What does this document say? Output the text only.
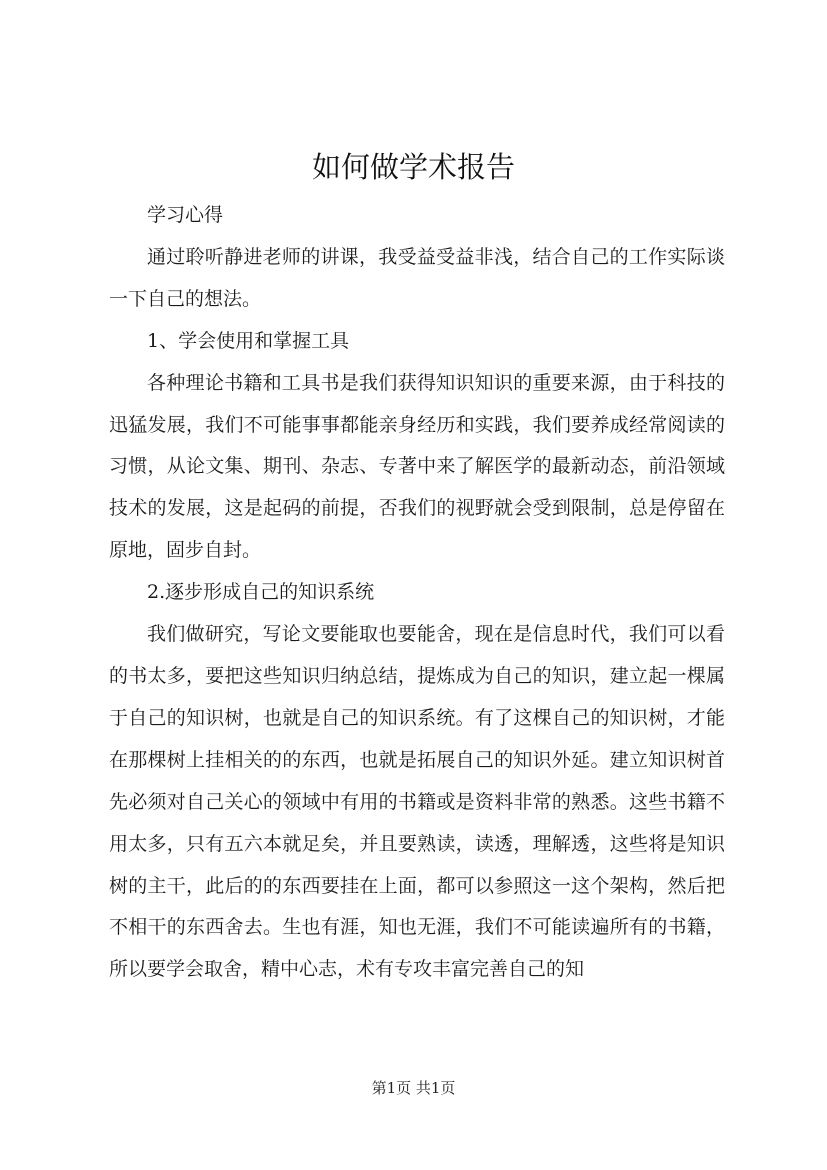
如何做学术报告

学习心得

通过聆听静进老师的讲课，我受益受益非浅，结合自己的工作实际谈一下自己的想法。

1、学会使用和掌握工具

各种理论书籍和工具书是我们获得知识知识的重要来源，由于科技的迅猛发展，我们不可能事事都能亲身经历和实践，我们要养成经常阅读的习惯，从论文集、期刊、杂志、专著中来了解医学的最新动态，前沿领域技术的发展，这是起码的前提，否我们的视野就会受到限制，总是停留在原地，固步自封。

2.逐步形成自己的知识系统

我们做研究，写论文要能取也要能舍，现在是信息时代，我们可以看的书太多，要把这些知识归纳总结，提炼成为自己的知识，建立起一棵属于自己的知识树，也就是自己的知识系统。有了这棵自己的知识树，才能在那棵树上挂相关的的东西，也就是拓展自己的知识外延。建立知识树首先必须对自己关心的领域中有用的书籍或是资料非常的熟悉。这些书籍不用太多，只有五六本就足矣，并且要熟读，读透，理解透，这些将是知识树的主干，此后的的东西要挂在上面，都可以参照这一这个架构，然后把不相干的东西舍去。生也有涯，知也无涯，我们不可能读遍所有的书籍，所以要学会取舍，精中心志，术有专攻丰富完善自己的知

第1页 共1页
